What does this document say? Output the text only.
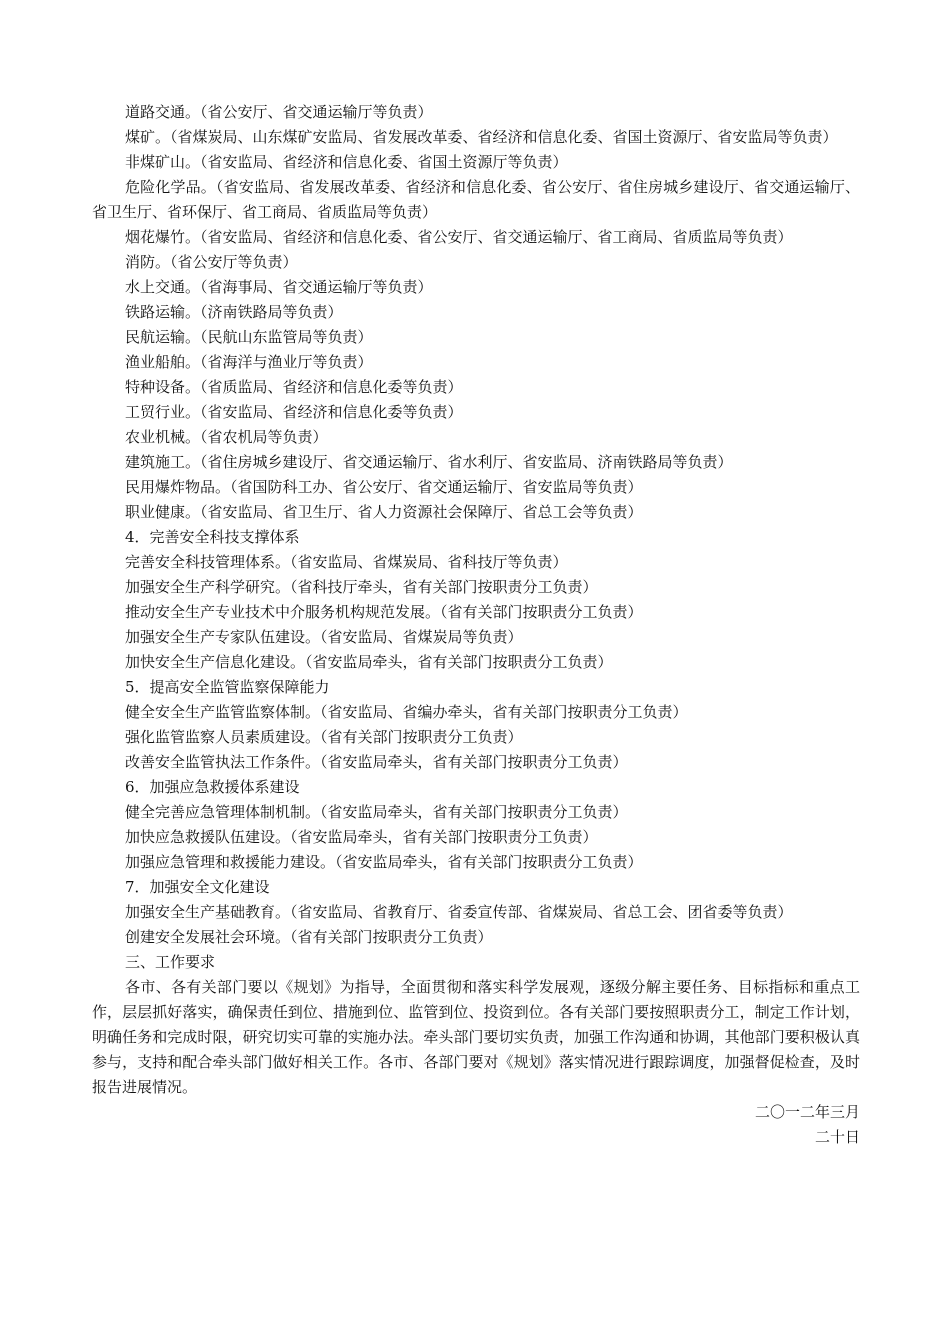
道路交通。（省公安厅、省交通运输厅等负责）

煤矿。（省煤炭局、山东煤矿安监局、省发展改革委、省经济和信息化委、省国土资源厅、省安监局等负责）

非煤矿山。（省安监局、省经济和信息化委、省国土资源厅等负责）

危险化学品。（省安监局、省发展改革委、省经济和信息化委、省公安厅、省住房城乡建设厅、省交通运输厅、省卫生厅、省环保厅、省工商局、省质监局等负责）

烟花爆竹。（省安监局、省经济和信息化委、省公安厅、省交通运输厅、省工商局、省质监局等负责）

消防。（省公安厅等负责）

水上交通。（省海事局、省交通运输厅等负责）

铁路运输。（济南铁路局等负责）

民航运输。（民航山东监管局等负责）

渔业船舶。（省海洋与渔业厅等负责）

特种设备。（省质监局、省经济和信息化委等负责）

工贸行业。（省安监局、省经济和信息化委等负责）

农业机械。（省农机局等负责）

建筑施工。（省住房城乡建设厅、省交通运输厅、省水利厅、省安监局、济南铁路局等负责）

民用爆炸物品。（省国防科工办、省公安厅、省交通运输厅、省安监局等负责）

职业健康。（省安监局、省卫生厅、省人力资源社会保障厅、省总工会等负责）

4．完善安全科技支撑体系

完善安全科技管理体系。（省安监局、省煤炭局、省科技厅等负责）

加强安全生产科学研究。（省科技厅牵头，省有关部门按职责分工负责）

推动安全生产专业技术中介服务机构规范发展。（省有关部门按职责分工负责）

加强安全生产专家队伍建设。（省安监局、省煤炭局等负责）

加快安全生产信息化建设。（省安监局牵头，省有关部门按职责分工负责）

5．提高安全监管监察保障能力

健全安全生产监管监察体制。（省安监局、省编办牵头，省有关部门按职责分工负责）

强化监管监察人员素质建设。（省有关部门按职责分工负责）

改善安全监管执法工作条件。（省安监局牵头，省有关部门按职责分工负责）

6．加强应急救援体系建设

健全完善应急管理体制机制。（省安监局牵头，省有关部门按职责分工负责）

加快应急救援队伍建设。（省安监局牵头，省有关部门按职责分工负责）

加强应急管理和救援能力建设。（省安监局牵头，省有关部门按职责分工负责）

7．加强安全文化建设

加强安全生产基础教育。（省安监局、省教育厅、省委宣传部、省煤炭局、省总工会、团省委等负责）

创建安全发展社会环境。（省有关部门按职责分工负责）

三、工作要求

各市、各有关部门要以《规划》为指导，全面贯彻和落实科学发展观，逐级分解主要任务、目标指标和重点工作，层层抓好落实，确保责任到位、措施到位、监管到位、投资到位。各有关部门要按照职责分工，制定工作计划，明确任务和完成时限，研究切实可靠的实施办法。牵头部门要切实负责，加强工作沟通和协调，其他部门要积极认真参与，支持和配合牵头部门做好相关工作。各市、各部门要对《规划》落实情况进行跟踪调度，加强督促检查，及时报告进展情况。

二〇一二年三月

二十日
